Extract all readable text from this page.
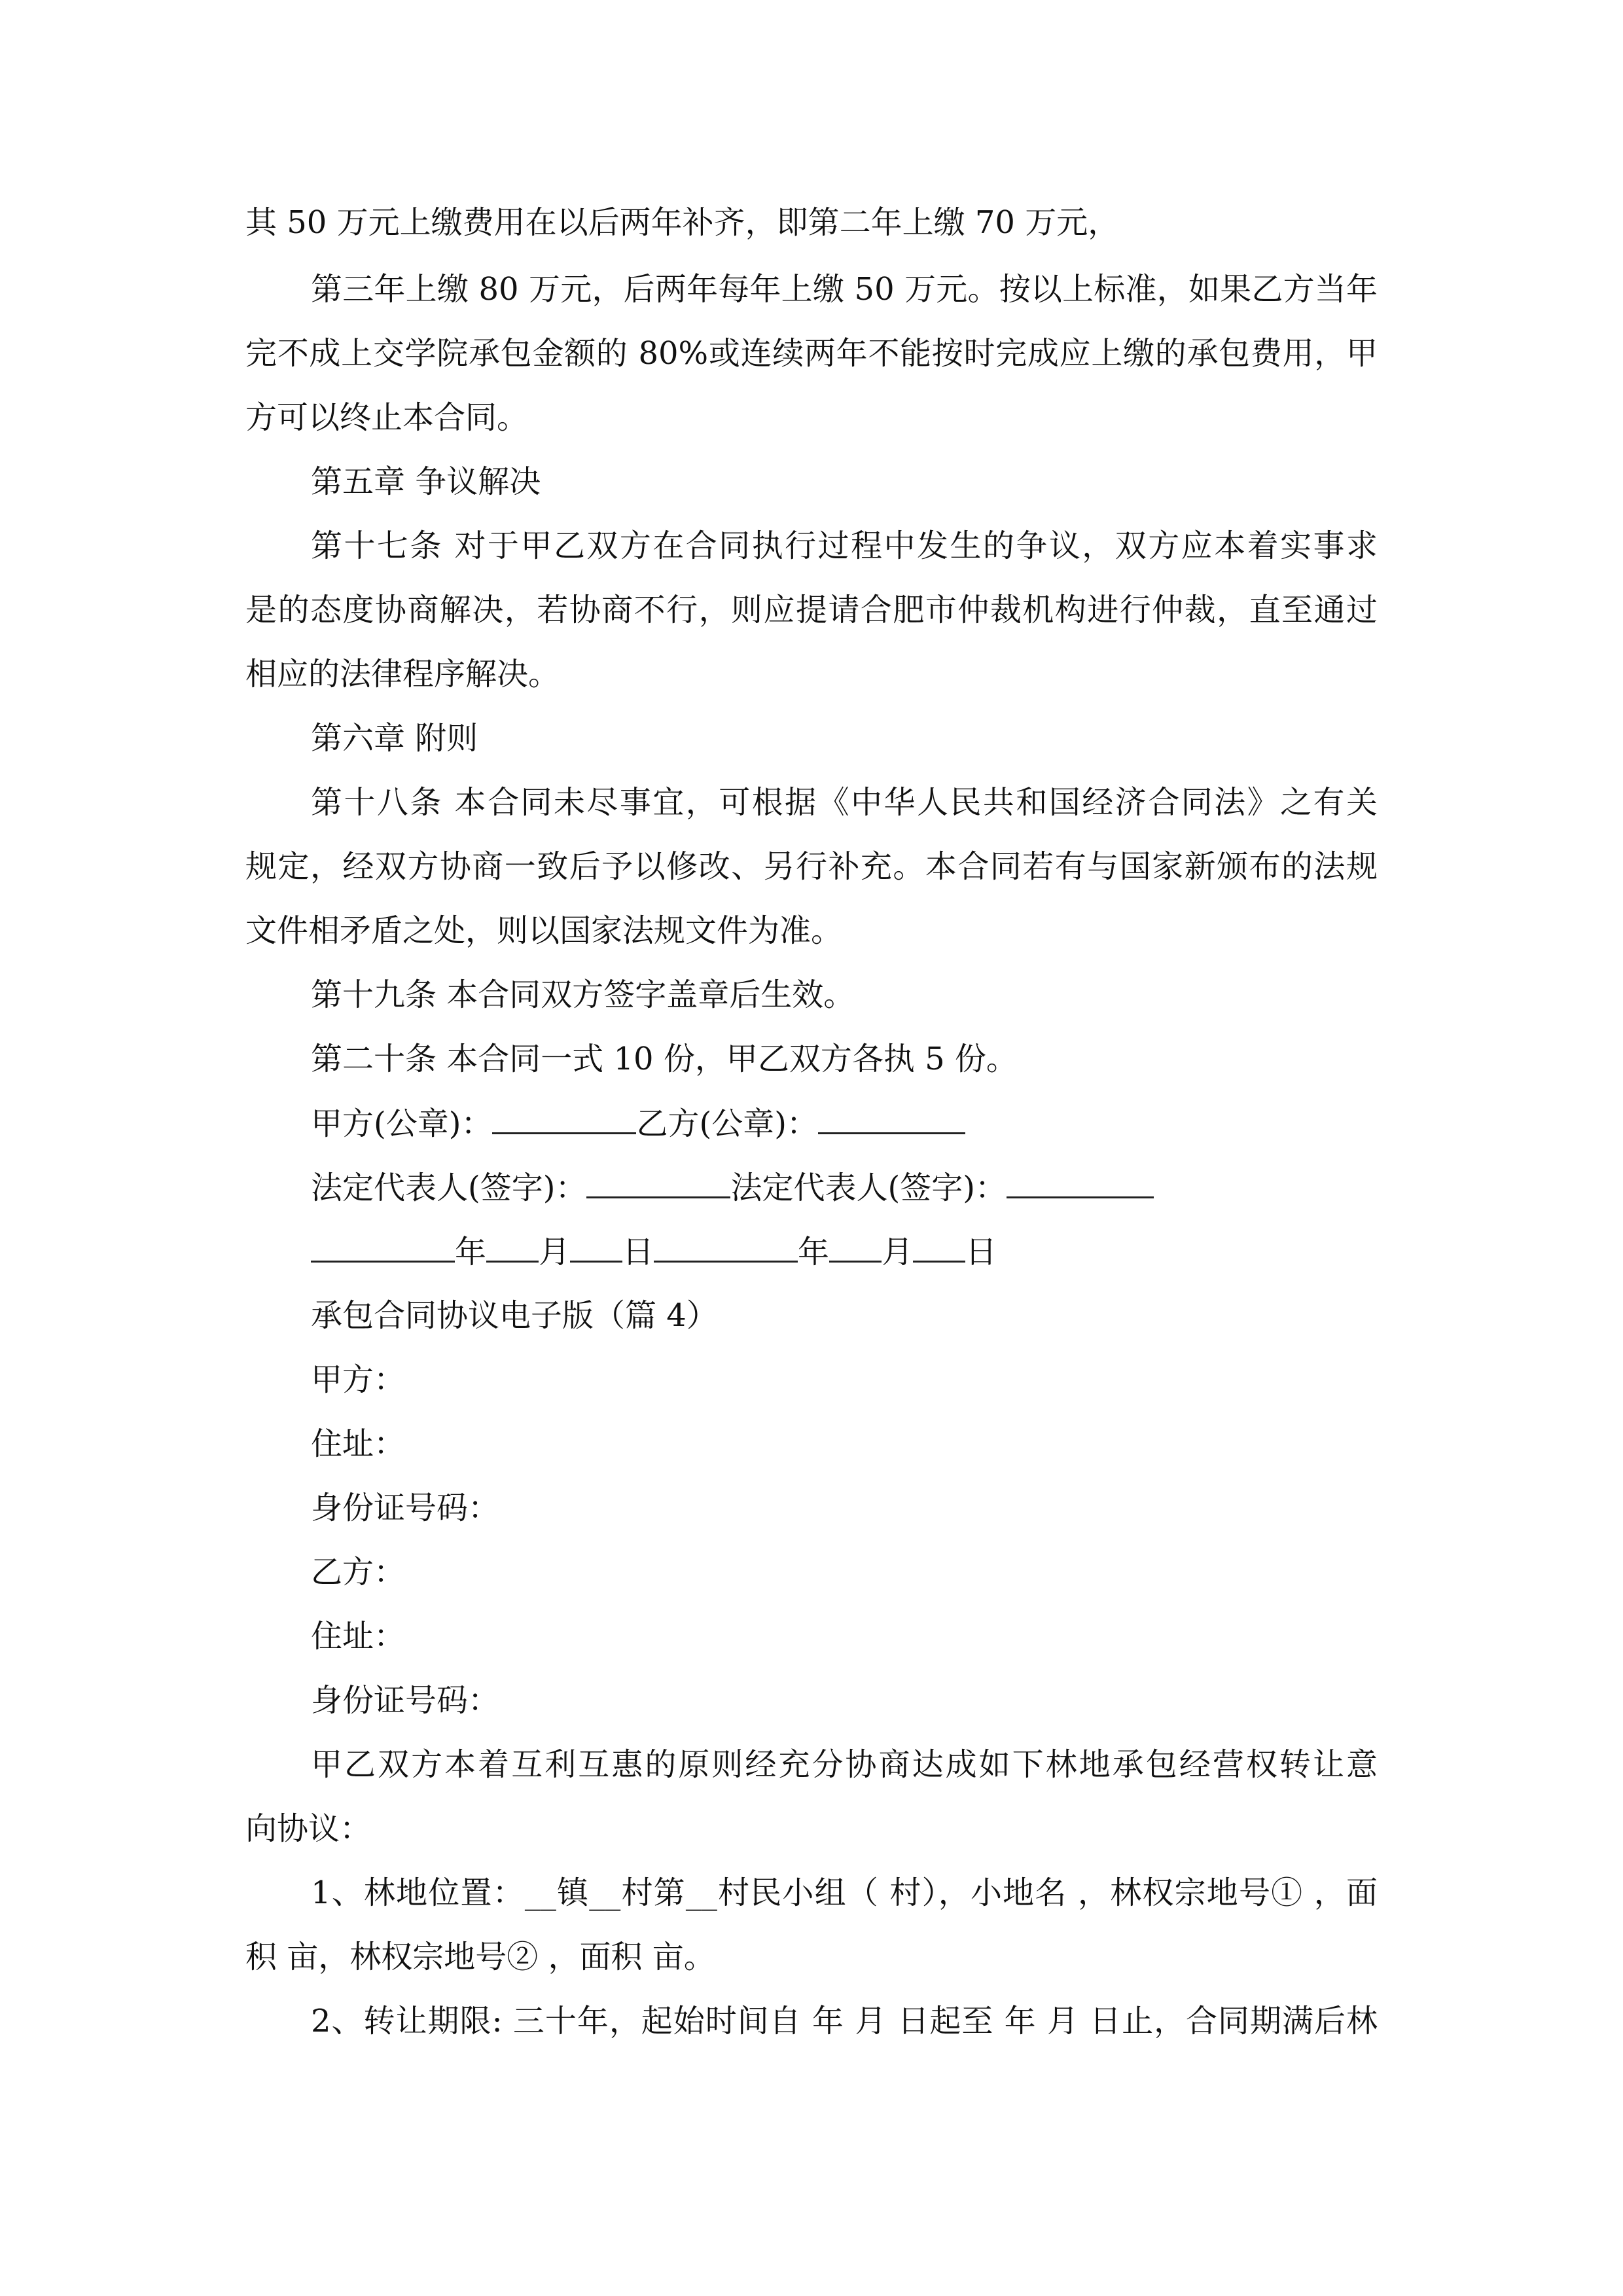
其 50 万元上缴费用在以后两年补齐，即第二年上缴 70 万元，
第三年上缴 80 万元，后两年每年上缴 50 万元。按以上标准，如果乙方当年
完不成上交学院承包金额的 80%或连续两年不能按时完成应上缴的承包费用，甲
方可以终止本合同。
第五章 争议解决
第十七条 对于甲乙双方在合同执行过程中发生的争议，双方应本着实事求
是的态度协商解决，若协商不行，则应提请合肥市仲裁机构进行仲裁，直至通过
相应的法律程序解决。
第六章 附则
第十八条 本合同未尽事宜，可根据《中华人民共和国经济合同法》之有关
规定，经双方协商一致后予以修改、另行补充。本合同若有与国家新颁布的法规
文件相矛盾之处，则以国家法规文件为准。
第十九条 本合同双方签字盖章后生效。
第二十条 本合同一式 10 份，甲乙双方各执 5 份。
甲方(公章)：	乙方(公章)：
法定代表人(签字)：	法定代表人(签字)：
年 月 日	年 月 日
承包合同协议电子版（篇 4）
甲方：
住址：
身份证号码：
乙方：
住址：
身份证号码：
甲乙双方本着互利互惠的原则经充分协商达成如下林地承包经营权转让意
向协议：
1、林地位置：__镇__村第__村民小组（ 村），小地名 ，林权宗地号① ，面
积 亩，林权宗地号② ，面积 亩。
2、转让期限: 三十年，起始时间自 年 月 日起至 年 月 日止，合同期满后林
